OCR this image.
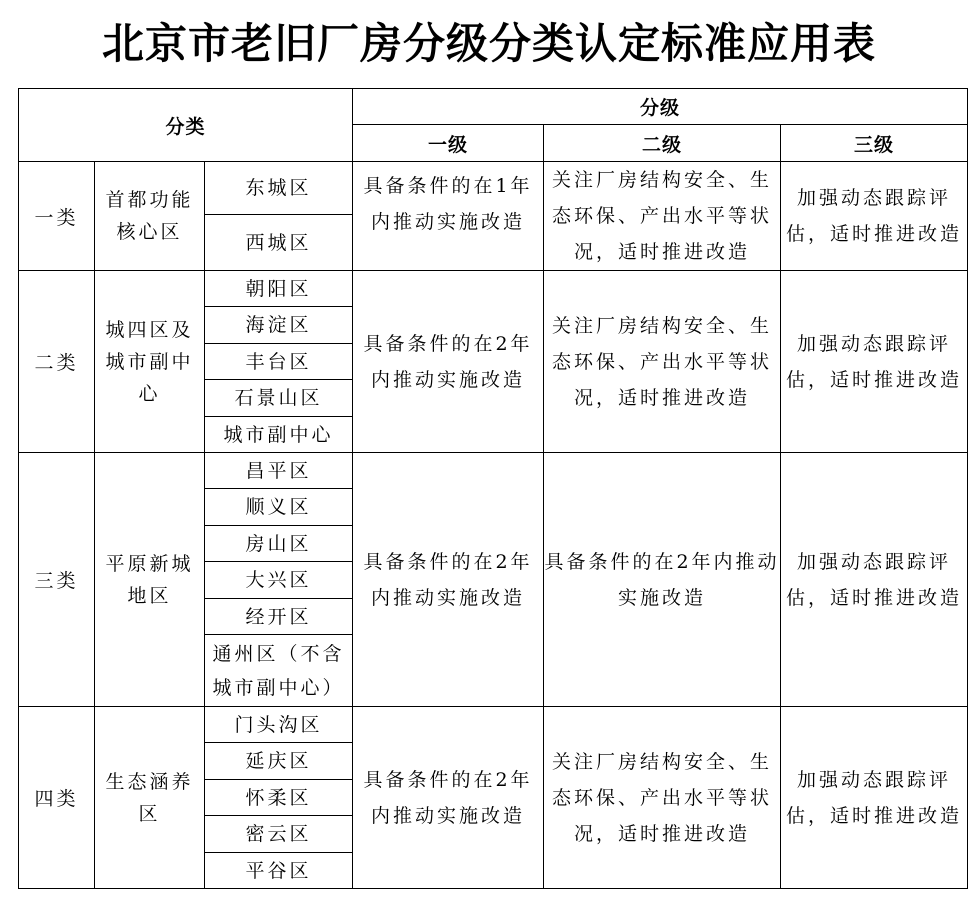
北京市老旧厂房分级分类认定标准应用表
分类			分级		
			一级	二级	三级
一类	首都功能核心区	东城区	具备条件的在1年内推动实施改造	关注厂房结构安全、生态环保、产出水平等状况，适时推进改造	加强动态跟踪评估，适时推进改造
		西城区			
二类	城四区及城市副中心	朝阳区	具备条件的在2年内推动实施改造	关注厂房结构安全、生态环保、产出水平等状况，适时推进改造	加强动态跟踪评估，适时推进改造
		海淀区			
		丰台区			
		石景山区			
		城市副中心			
三类	平原新城地区	昌平区	具备条件的在2年内推动实施改造	具备条件的在2年内推动实施改造	加强动态跟踪评估，适时推进改造
		顺义区			
		房山区			
		大兴区			
		经开区			
		通州区（不含城市副中心）			
四类	生态涵养区	门头沟区	具备条件的在2年内推动实施改造	关注厂房结构安全、生态环保、产出水平等状况，适时推进改造	加强动态跟踪评估，适时推进改造
		延庆区			
		怀柔区			
		密云区			
		平谷区			
